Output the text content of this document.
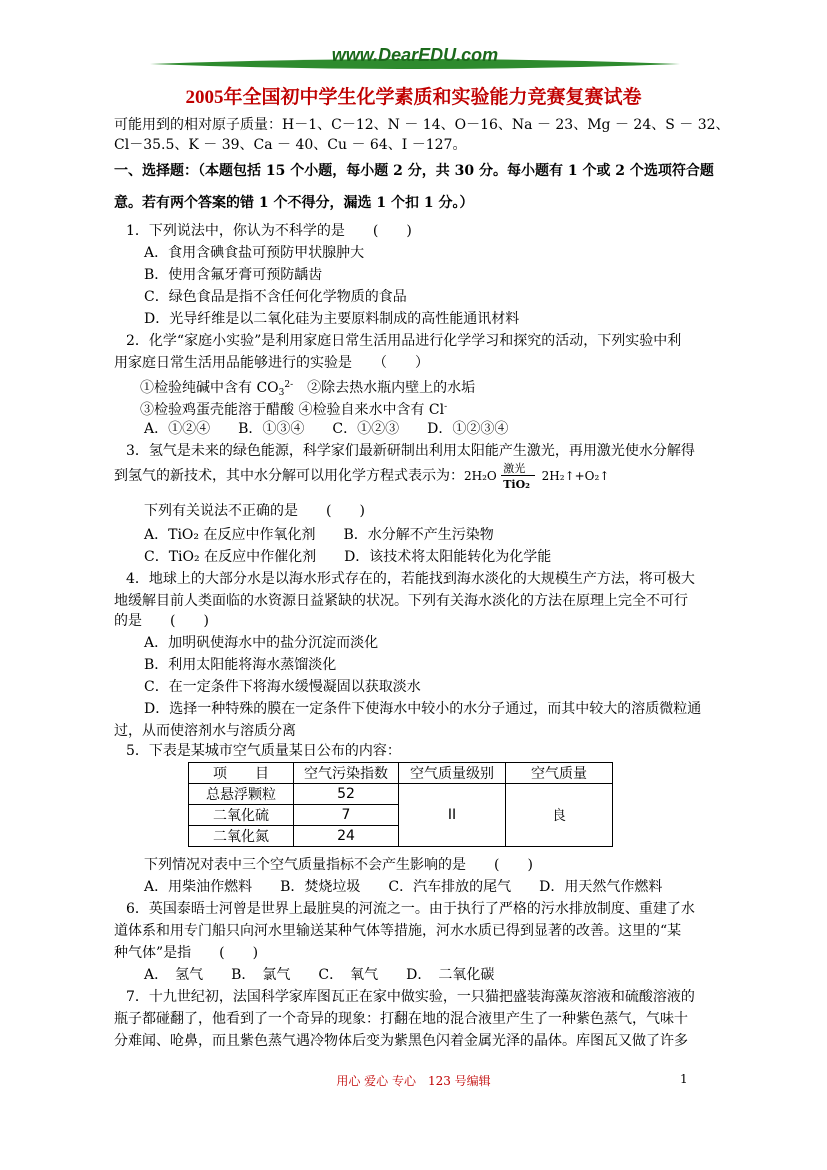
www.DearEDU.com
2005年全国初中学生化学素质和实验能力竞赛复赛试卷
可能用到的相对原子质量：H－1、C－12、N － 14、O－16、Na － 23、Mg － 24、S － 32、
Cl－35.5、K － 39、Ca － 40、Cu － 64、I －127。
一、选择题：（本题包括 15 个小题，每小题 2 分，共 30 分。每小题有 1 个或 2 个选项符合题
意。若有两个答案的错 1 个不得分，漏选 1 个扣 1 分。）
1．下列说法中，你认为不科学的是　　(　　)
A．食用含碘食盐可预防甲状腺肿大
B．使用含氟牙膏可预防龋齿
C．绿色食品是指不含任何化学物质的食品
D．光导纤维是以二氧化硅为主要原料制成的高性能通讯材料
2．化学“家庭小实验”是利用家庭日常生活用品进行化学学习和探究的活动，下列实验中利
用家庭日常生活用品能够进行的实验是　　（　　）
①检验纯碱中含有 $CO_3^{2-}$　②除去热水瓶内壁上的水垢
③检验鸡蛋壳能溶于醋酸 ④检验自来水中含有 Cl-
A．①②④　　B．①③④　　C．①②③　　D．①②③④
3．氢气是未来的绿色能源，科学家们最新研制出利用太阳能产生激光，再用激光使水分解得
到氢气的新技术，其中水分解可以用化学方程式表示为：$2H_2O \frac{\text{激光}}{\text{TiO₂}}$ 2H₂↑+O₂↑
下列有关说法不正确的是　　(　　)
A．TiO₂ 在反应中作氧化剂　　B．水分解不产生污染物
C．TiO₂ 在反应中作催化剂　　D．该技术将太阳能转化为化学能
4．地球上的大部分水是以海水形式存在的，若能找到海水淡化的大规模生产方法，将可极大
地缓解目前人类面临的水资源日益紧缺的状况。下列有关海水淡化的方法在原理上完全不可行
的是　　(　　)
A．加明矾使海水中的盐分沉淀而淡化
B．利用太阳能将海水蒸馏淡化
C．在一定条件下将海水缓慢凝固以获取淡水
D．选择一种特殊的膜在一定条件下使海水中较小的水分子通过，而其中较大的溶质微粒通
过，从而使溶剂水与溶质分离
5．下表是某城市空气质量某日公布的内容：
项　　目	空气污染指数	空气质量级别	空气质量
总悬浮颗粒	52	II	良
二氧化硫	7		
二氧化氮	24		
下列情况对表中三个空气质量指标不会产生影响的是　　(　　)
A．用柴油作燃料　　B．焚烧垃圾　　C．汽车排放的尾气　　D．用天然气作燃料
6．英国泰晤士河曾是世界上最脏臭的河流之一。由于执行了严格的污水排放制度、重建了水
道体系和用专门船只向河水里输送某种气体等措施，河水水质已得到显著的改善。这里的“某
种气体”是指　　(　　)
A．　氢气　　B．　氯气　　C．　氧气　　D．　二氧化碳
7．十九世纪初，法国科学家库图瓦正在家中做实验，一只猫把盛装海藻灰溶液和硫酸溶液的
瓶子都碰翻了，他看到了一个奇异的现象：打翻在地的混合液里产生了一种紫色蒸气，气味十
分难闻、呛鼻，而且紫色蒸气遇冷物体后变为紫黑色闪着金属光泽的晶体。库图瓦又做了许多
用心 爱心 专心　123 号编辑	1
